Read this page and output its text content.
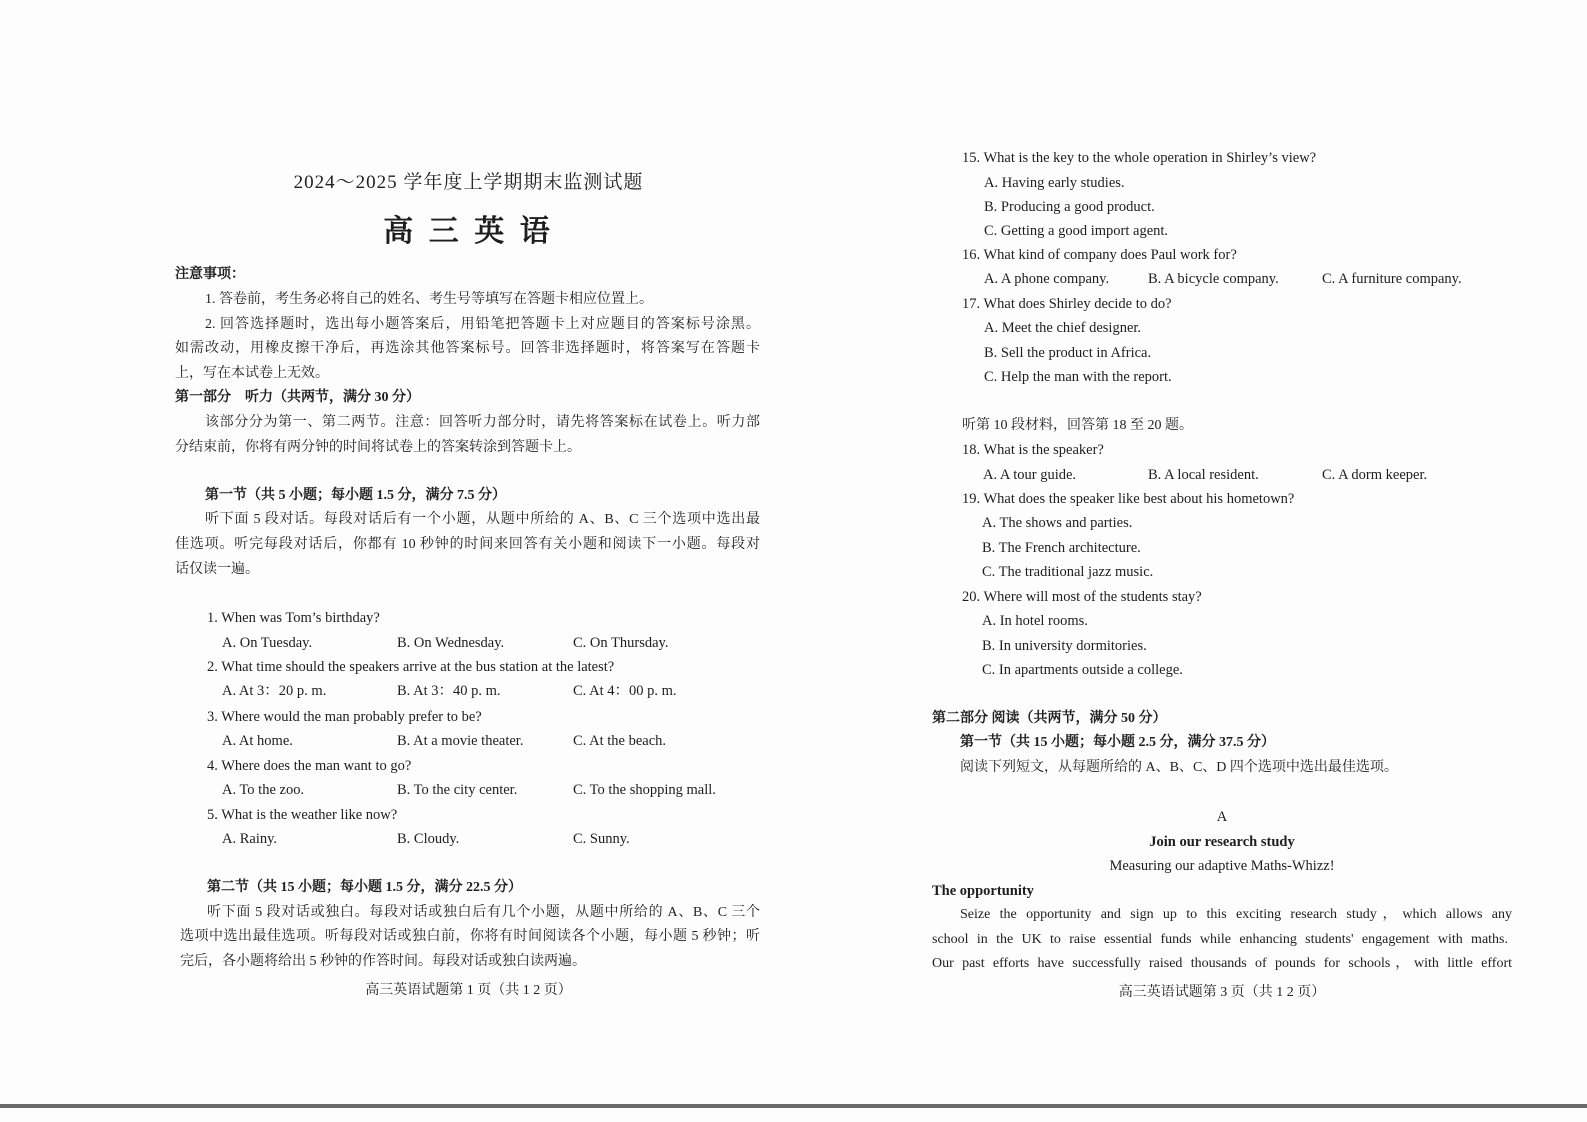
2024～2025 学年度上学期期末监测试题
高 三 英 语
注意事项：
1. 答卷前，考生务必将自己的姓名、考生号等填写在答题卡相应位置上。
2. 回答选择题时，选出每小题答案后，用铅笔把答题卡上对应题目的答案标号涂黑。
如需改动，用橡皮擦干净后，再选涂其他答案标号。回答非选择题时，将答案写在答题卡
上，写在本试卷上无效。
第一部分　听力（共两节，满分 30 分）
该部分分为第一、第二两节。注意：回答听力部分时，请先将答案标在试卷上。听力部
分结束前，你将有两分钟的时间将试卷上的答案转涂到答题卡上。
第一节（共 5 小题；每小题 1.5 分，满分 7.5 分）
听下面 5 段对话。每段对话后有一个小题，从题中所给的 A、B、C 三个选项中选出最
佳选项。听完每段对话后，你都有 10 秒钟的时间来回答有关小题和阅读下一小题。每段对
话仅读一遍。
1. When was Tom’s birthday?
A. On Tuesday.	B. On Wednesday.	C. On Thursday.
2. What time should the speakers arrive at the bus station at the latest?
A. At 3：20 p. m.	B. At 3：40 p. m.	C. At 4：00 p. m.
3. Where would the man probably prefer to be?
A. At home.	B. At a movie theater.	C. At the beach.
4. Where does the man want to go?
A. To the zoo.	B. To the city center.	C. To the shopping mall.
5. What is the weather like now?
A. Rainy.	B. Cloudy.	C. Sunny.
第二节（共 15 小题；每小题 1.5 分，满分 22.5 分）
听下面 5 段对话或独白。每段对话或独白后有几个小题，从题中所给的 A、B、C 三个
选项中选出最佳选项。听每段对话或独白前，你将有时间阅读各个小题，每小题 5 秒钟；听
完后，各小题将给出 5 秒钟的作答时间。每段对话或独白读两遍。
高三英语试题第 1 页（共 1 2 页）
15. What is the key to the whole operation in Shirley’s view?
A. Having early studies.
B. Producing a good product.
C. Getting a good import agent.
16. What kind of company does Paul work for?
A. A phone company.	B. A bicycle company.	C. A furniture company.
17. What does Shirley decide to do?
A. Meet the chief designer.
B. Sell the product in Africa.
C. Help the man with the report.
听第 10 段材料，回答第 18 至 20 题。
18. What is the speaker?
A. A tour guide.	B. A local resident.	C. A dorm keeper.
19. What does the speaker like best about his hometown?
A. The shows and parties.
B. The French architecture.
C. The traditional jazz music.
20. Where will most of the students stay?
A. In hotel rooms.
B. In university dormitories.
C. In apartments outside a college.
第二部分 阅读（共两节，满分 50 分）
第一节（共 15 小题；每小题 2.5 分，满分 37.5 分）
阅读下列短文，从每题所给的 A、B、C、D 四个选项中选出最佳选项。
A
Join our research study
Measuring our adaptive Maths-Whizz!
The opportunity
Seize the opportunity and sign up to this exciting research study，which allows any
school in the UK to raise essential funds while enhancing students' engagement with maths.
Our past efforts have successfully raised thousands of pounds for schools，with little effort
高三英语试题第 3 页（共 1 2 页）
